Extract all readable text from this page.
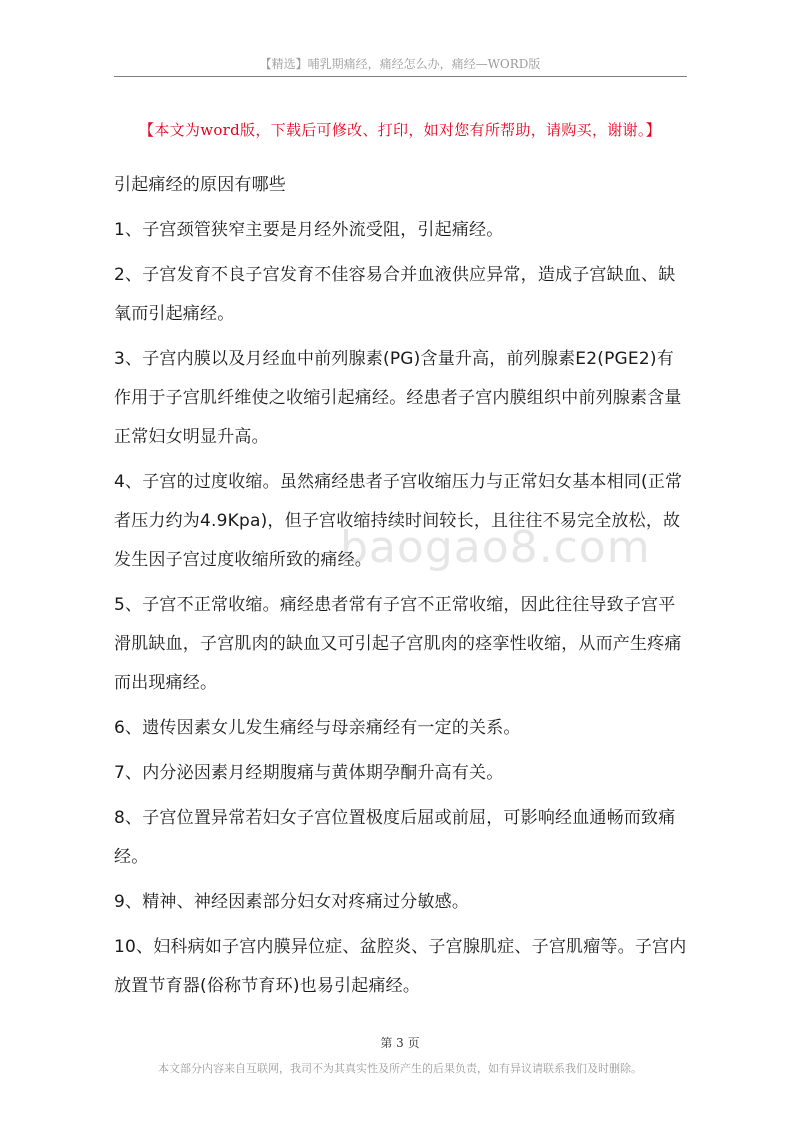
【精选】哺乳期痛经，痛经怎么办，痛经—WORD版
【本文为word版，下载后可修改、打印，如对您有所帮助，请购买，谢谢。】
baogao8.com

引起痛经的原因有哪些

1、子宫颈管狭窄主要是月经外流受阻，引起痛经。

2、子宫发育不良子宫发育不佳容易合并血液供应异常，造成子宫缺血、缺氧而引起痛经。

3、子宫内膜以及月经血中前列腺素(PG)含量升高，前列腺素E2(PGE2)有作用于子宫肌纤维使之收缩引起痛经。经患者子宫内膜组织中前列腺素含量正常妇女明显升高。

4、子宫的过度收缩。虽然痛经患者子宫收缩压力与正常妇女基本相同(正常者压力约为4.9Kpa)，但子宫收缩持续时间较长，且往往不易完全放松，故发生因子宫过度收缩所致的痛经。

5、子宫不正常收缩。痛经患者常有子宫不正常收缩，因此往往导致子宫平滑肌缺血，子宫肌肉的缺血又可引起子宫肌肉的痉挛性收缩，从而产生疼痛而出现痛经。

6、遗传因素女儿发生痛经与母亲痛经有一定的关系。

7、内分泌因素月经期腹痛与黄体期孕酮升高有关。

8、子宫位置异常若妇女子宫位置极度后屈或前屈，可影响经血通畅而致痛经。

9、精神、神经因素部分妇女对疼痛过分敏感。

10、妇科病如子宫内膜异位症、盆腔炎、子宫腺肌症、子宫肌瘤等。子宫内放置节育器(俗称节育环)也易引起痛经。

第 3 页
本文部分内容来自互联网，我司不为其真实性及所产生的后果负责，如有异议请联系我们及时删除。
